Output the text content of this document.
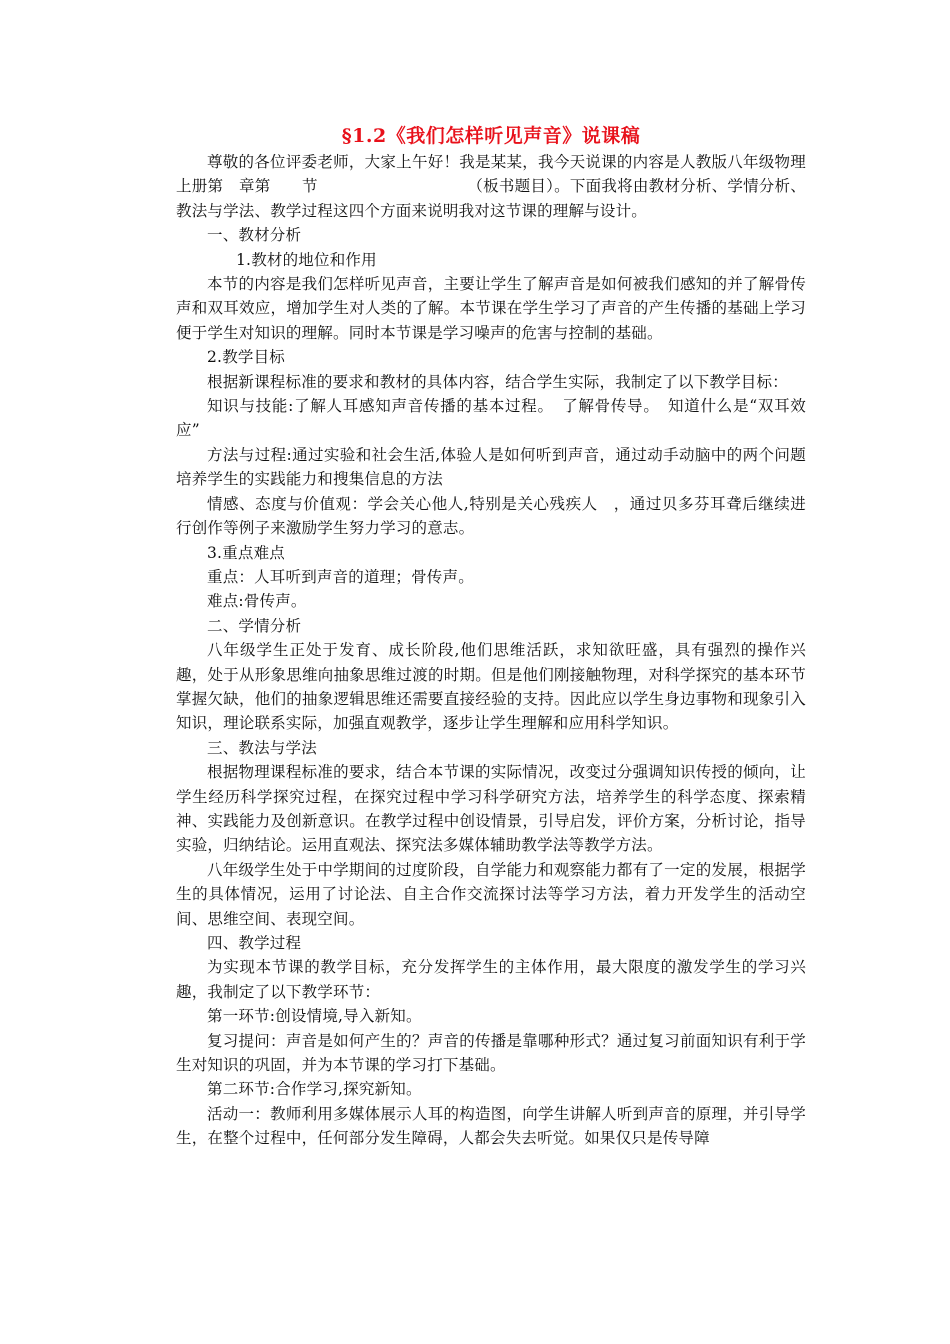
§1.2《我们怎样听见声音》说课稿

尊敬的各位评委老师，大家上午好！我是某某，我今天说课的内容是人教版八年级物理上册第　章第　　节　　　　　　　　　　（板书题目）。下面我将由教材分析、学情分析、教法与学法、教学过程这四个方面来说明我对这节课的理解与设计。

一、教材分析

1.教材的地位和作用

本节的内容是我们怎样听见声音，主要让学生了解声音是如何被我们感知的并了解骨传声和双耳效应，增加学生对人类的了解。本节课在学生学习了声音的产生传播的基础上学习便于学生对知识的理解。同时本节课是学习噪声的危害与控制的基础。

2.教学目标

根据新课程标准的要求和教材的具体内容，结合学生实际，我制定了以下教学目标：

知识与技能:了解人耳感知声音传播的基本过程。　了解骨传导。　知道什么是“双耳效应”

方法与过程:通过实验和社会生活,体验人是如何听到声音，通过动手动脑中的两个问题培养学生的实践能力和搜集信息的方法

情感、态度与价值观：学会关心他人,特别是关心残疾人　，通过贝多芬耳聋后继续进行创作等例子来激励学生努力学习的意志。

3.重点难点

重点：人耳听到声音的道理；骨传声。

难点:骨传声。

二、学情分析

八年级学生正处于发育、成长阶段,他们思维活跃，求知欲旺盛，具有强烈的操作兴趣，处于从形象思维向抽象思维过渡的时期。但是他们刚接触物理，对科学探究的基本环节掌握欠缺，他们的抽象逻辑思维还需要直接经验的支持。因此应以学生身边事物和现象引入知识，理论联系实际，加强直观教学，逐步让学生理解和应用科学知识。

三、教法与学法

根据物理课程标准的要求，结合本节课的实际情况，改变过分强调知识传授的倾向，让学生经历科学探究过程，在探究过程中学习科学研究方法，培养学生的科学态度、探索精神、实践能力及创新意识。在教学过程中创设情景，引导启发，评价方案，分析讨论，指导实验，归纳结论。运用直观法、探究法多媒体辅助教学法等教学方法。

八年级学生处于中学期间的过度阶段，自学能力和观察能力都有了一定的发展，根据学生的具体情况，运用了讨论法、自主合作交流探讨法等学习方法，着力开发学生的活动空间、思维空间、表现空间。

四、教学过程

为实现本节课的教学目标，充分发挥学生的主体作用，最大限度的激发学生的学习兴趣，我制定了以下教学环节：

第一环节:创设情境,导入新知。

复习提问：声音是如何产生的？声音的传播是靠哪种形式？通过复习前面知识有利于学生对知识的巩固，并为本节课的学习打下基础。

第二环节:合作学习,探究新知。

活动一：教师利用多媒体展示人耳的构造图，向学生讲解人听到声音的原理，并引导学生，在整个过程中，任何部分发生障碍，人都会失去听觉。如果仅只是传导障
